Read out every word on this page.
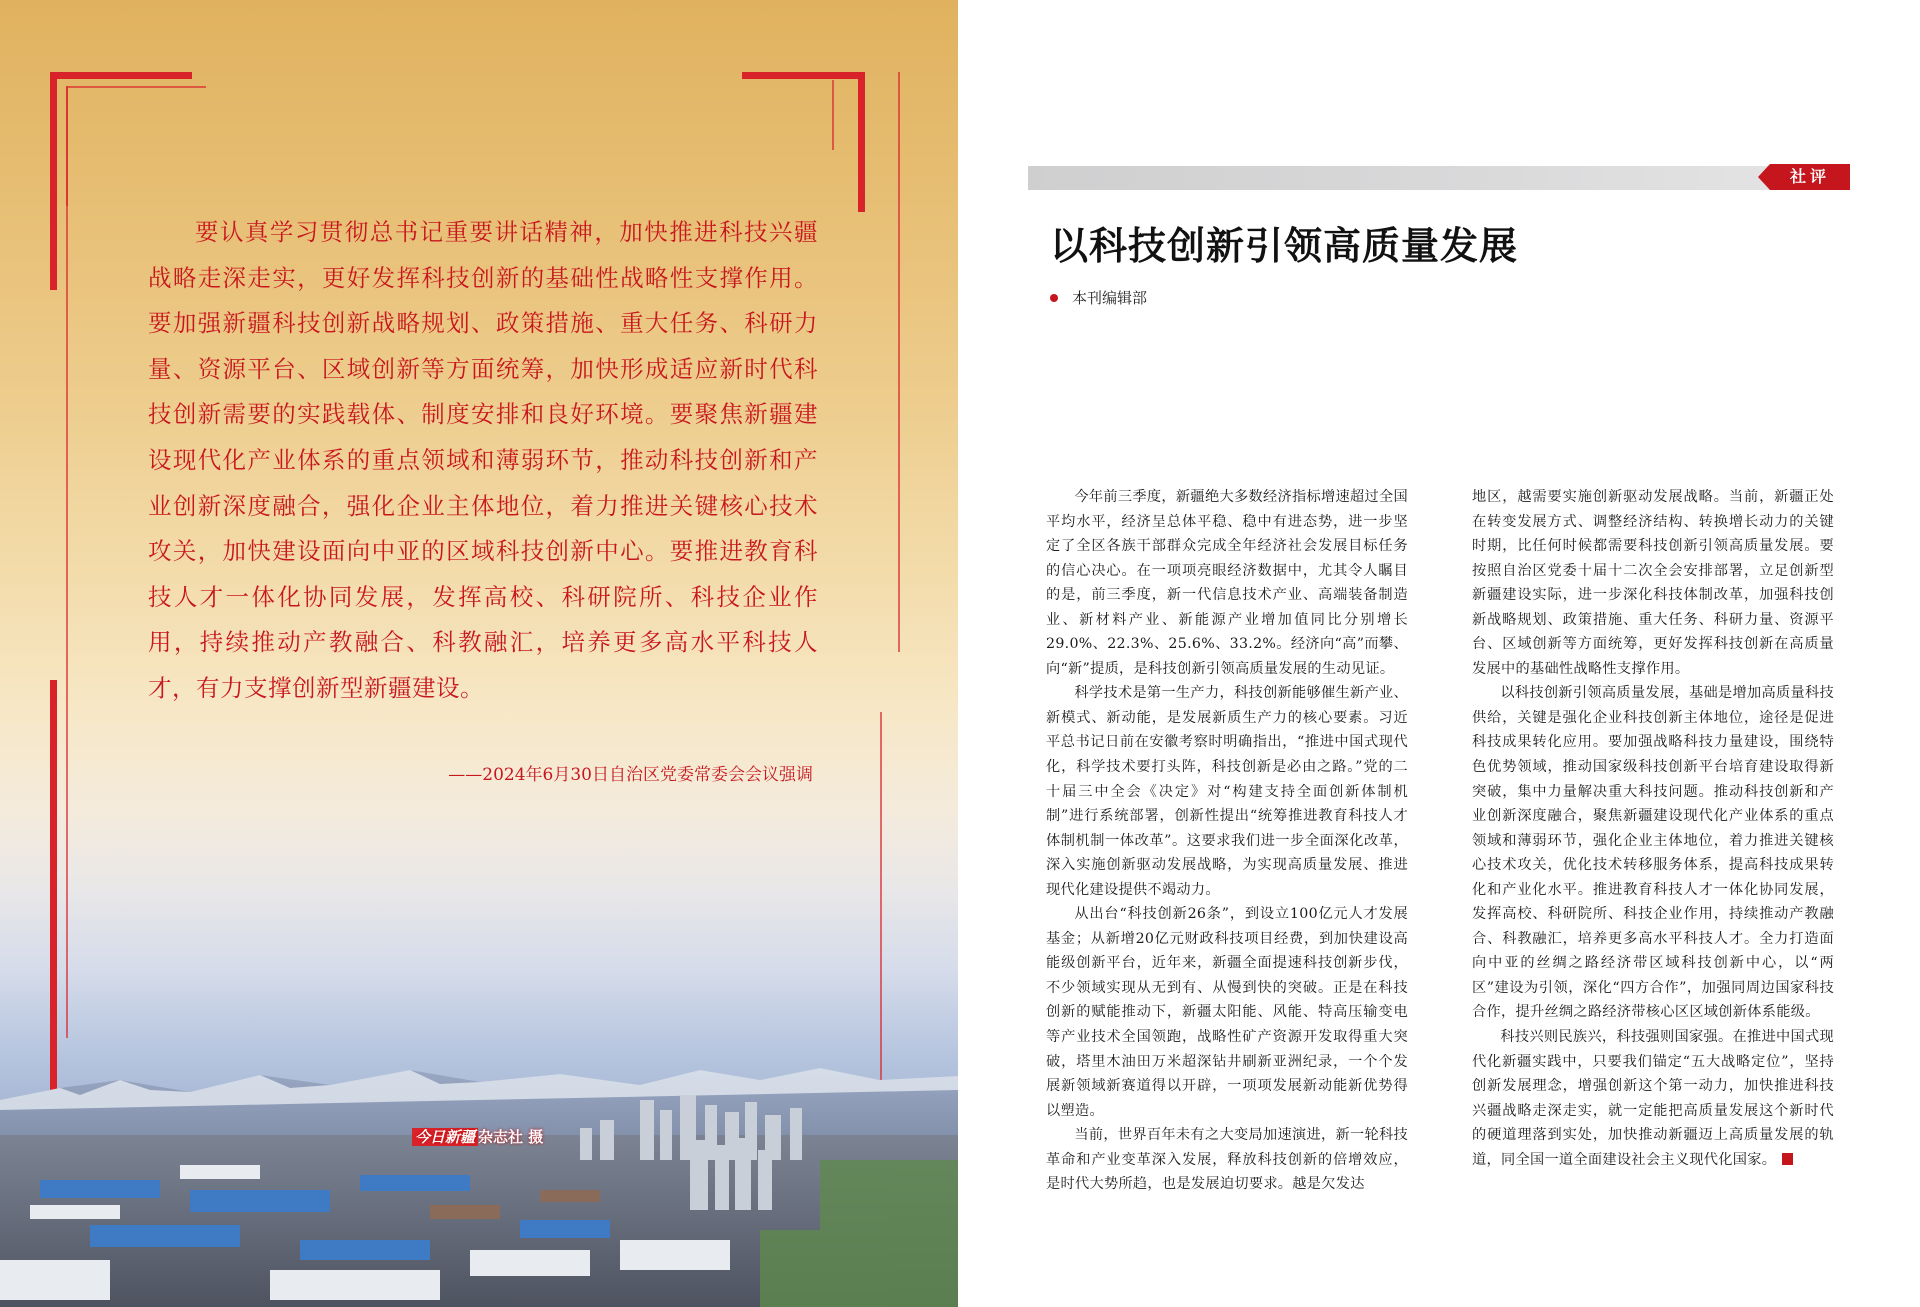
要认真学习贯彻总书记重要讲话精神，加快推进科技兴疆战略走深走实，更好发挥科技创新的基础性战略性支撑作用。要加强新疆科技创新战略规划、政策措施、重大任务、科研力量、资源平台、区域创新等方面统筹，加快形成适应新时代科技创新需要的实践载体、制度安排和良好环境。要聚焦新疆建设现代化产业体系的重点领域和薄弱环节，推动科技创新和产业创新深度融合，强化企业主体地位，着力推进关键核心技术攻关，加快建设面向中亚的区域科技创新中心。要推进教育科技人才一体化协同发展，发挥高校、科研院所、科技企业作用，持续推动产教融合、科教融汇，培养更多高水平科技人才，有力支撑创新型新疆建设。
——2024年6月30日自治区党委常委会会议强调
今日新疆 杂志社 摄
社评
以科技创新引领高质量发展
本刊编辑部

今年前三季度，新疆绝大多数经济指标增速超过全国平均水平，经济呈总体平稳、稳中有进态势，进一步坚定了全区各族干部群众完成全年经济社会发展目标任务的信心决心。在一项项亮眼经济数据中，尤其令人瞩目的是，前三季度，新一代信息技术产业、高端装备制造业、新材料产业、新能源产业增加值同比分别增长29.0%、22.3%、25.6%、33.2%。经济向“高”而攀、向“新”提质，是科技创新引领高质量发展的生动见证。

科学技术是第一生产力，科技创新能够催生新产业、新模式、新动能，是发展新质生产力的核心要素。习近平总书记日前在安徽考察时明确指出，“推进中国式现代化，科学技术要打头阵，科技创新是必由之路。”党的二十届三中全会《决定》对“构建支持全面创新体制机制”进行系统部署，创新性提出“统筹推进教育科技人才体制机制一体改革”。这要求我们进一步全面深化改革，深入实施创新驱动发展战略，为实现高质量发展、推进现代化建设提供不竭动力。

从出台“科技创新26条”，到设立100亿元人才发展基金；从新增20亿元财政科技项目经费，到加快建设高能级创新平台，近年来，新疆全面提速科技创新步伐，不少领域实现从无到有、从慢到快的突破。正是在科技创新的赋能推动下，新疆太阳能、风能、特高压输变电等产业技术全国领跑，战略性矿产资源开发取得重大突破，塔里木油田万米超深钻井刷新亚洲纪录，一个个发展新领域新赛道得以开辟，一项项发展新动能新优势得以塑造。

当前，世界百年未有之大变局加速演进，新一轮科技革命和产业变革深入发展，释放科技创新的倍增效应，是时代大势所趋，也是发展迫切要求。越是欠发达

地区，越需要实施创新驱动发展战略。当前，新疆正处在转变发展方式、调整经济结构、转换增长动力的关键时期，比任何时候都需要科技创新引领高质量发展。要按照自治区党委十届十二次全会安排部署，立足创新型新疆建设实际，进一步深化科技体制改革，加强科技创新战略规划、政策措施、重大任务、科研力量、资源平台、区域创新等方面统筹，更好发挥科技创新在高质量发展中的基础性战略性支撑作用。

以科技创新引领高质量发展，基础是增加高质量科技供给，关键是强化企业科技创新主体地位，途径是促进科技成果转化应用。要加强战略科技力量建设，围绕特色优势领域，推动国家级科技创新平台培育建设取得新突破，集中力量解决重大科技问题。推动科技创新和产业创新深度融合，聚焦新疆建设现代化产业体系的重点领域和薄弱环节，强化企业主体地位，着力推进关键核心技术攻关，优化技术转移服务体系，提高科技成果转化和产业化水平。推进教育科技人才一体化协同发展，发挥高校、科研院所、科技企业作用，持续推动产教融合、科教融汇，培养更多高水平科技人才。全力打造面向中亚的丝绸之路经济带区域科技创新中心，以“两区”建设为引领，深化“四方合作”，加强同周边国家科技合作，提升丝绸之路经济带核心区区域创新体系能级。

科技兴则民族兴，科技强则国家强。在推进中国式现代化新疆实践中，只要我们锚定“五大战略定位”，坚持创新发展理念，增强创新这个第一动力，加快推进科技兴疆战略走深走实，就一定能把高质量发展这个新时代的硬道理落到实处，加快推动新疆迈上高质量发展的轨道，同全国一道全面建设社会主义现代化国家。
